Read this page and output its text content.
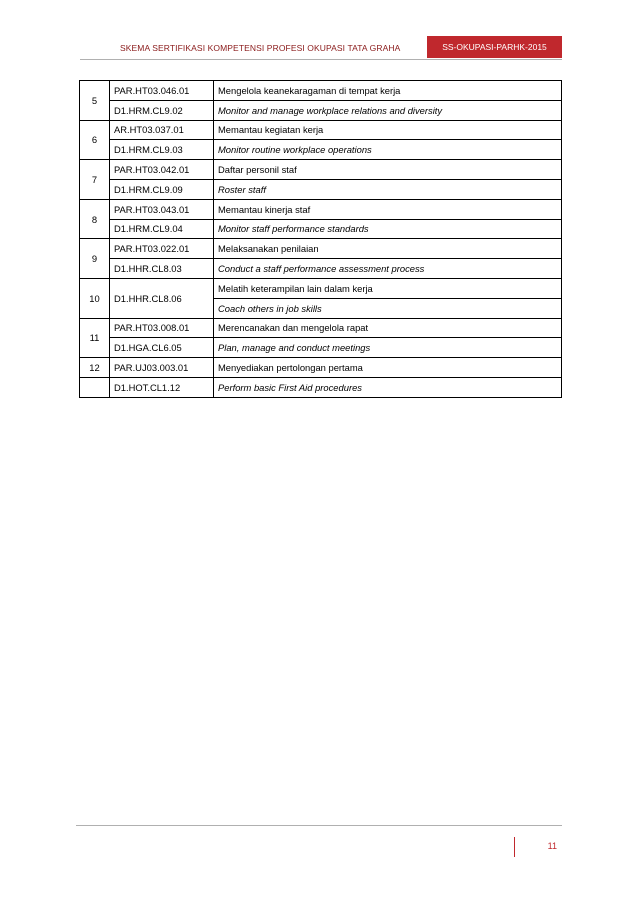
SKEMA SERTIFIKASI KOMPETENSI PROFESI OKUPASI TATA GRAHA	SS-OKUPASI-PARHK-2015
5	PAR.HT03.046.01	Mengelola keanekaragaman di tempat kerja
	D1.HRM.CL9.02	Monitor and manage workplace relations and diversity
6	AR.HT03.037.01	Memantau kegiatan kerja
	D1.HRM.CL9.03	Monitor routine workplace operations
7	PAR.HT03.042.01	Daftar personil staf
	D1.HRM.CL9.09	Roster staff
8	PAR.HT03.043.01	Memantau kinerja staf
	D1.HRM.CL9.04	Monitor staff performance standards
9	PAR.HT03.022.01	Melaksanakan penilaian
	D1.HHR.CL8.03	Conduct a staff performance assessment process
10	D1.HHR.CL8.06	Melatih keterampilan lain dalam kerja
		Coach others in job skills
11	PAR.HT03.008.01	Merencanakan dan mengelola rapat
	D1.HGA.CL6.05	Plan, manage and conduct meetings
12	PAR.UJ03.003.01	Menyediakan pertolongan pertama
	D1.HOT.CL1.12	Perform basic First Aid procedures
11
